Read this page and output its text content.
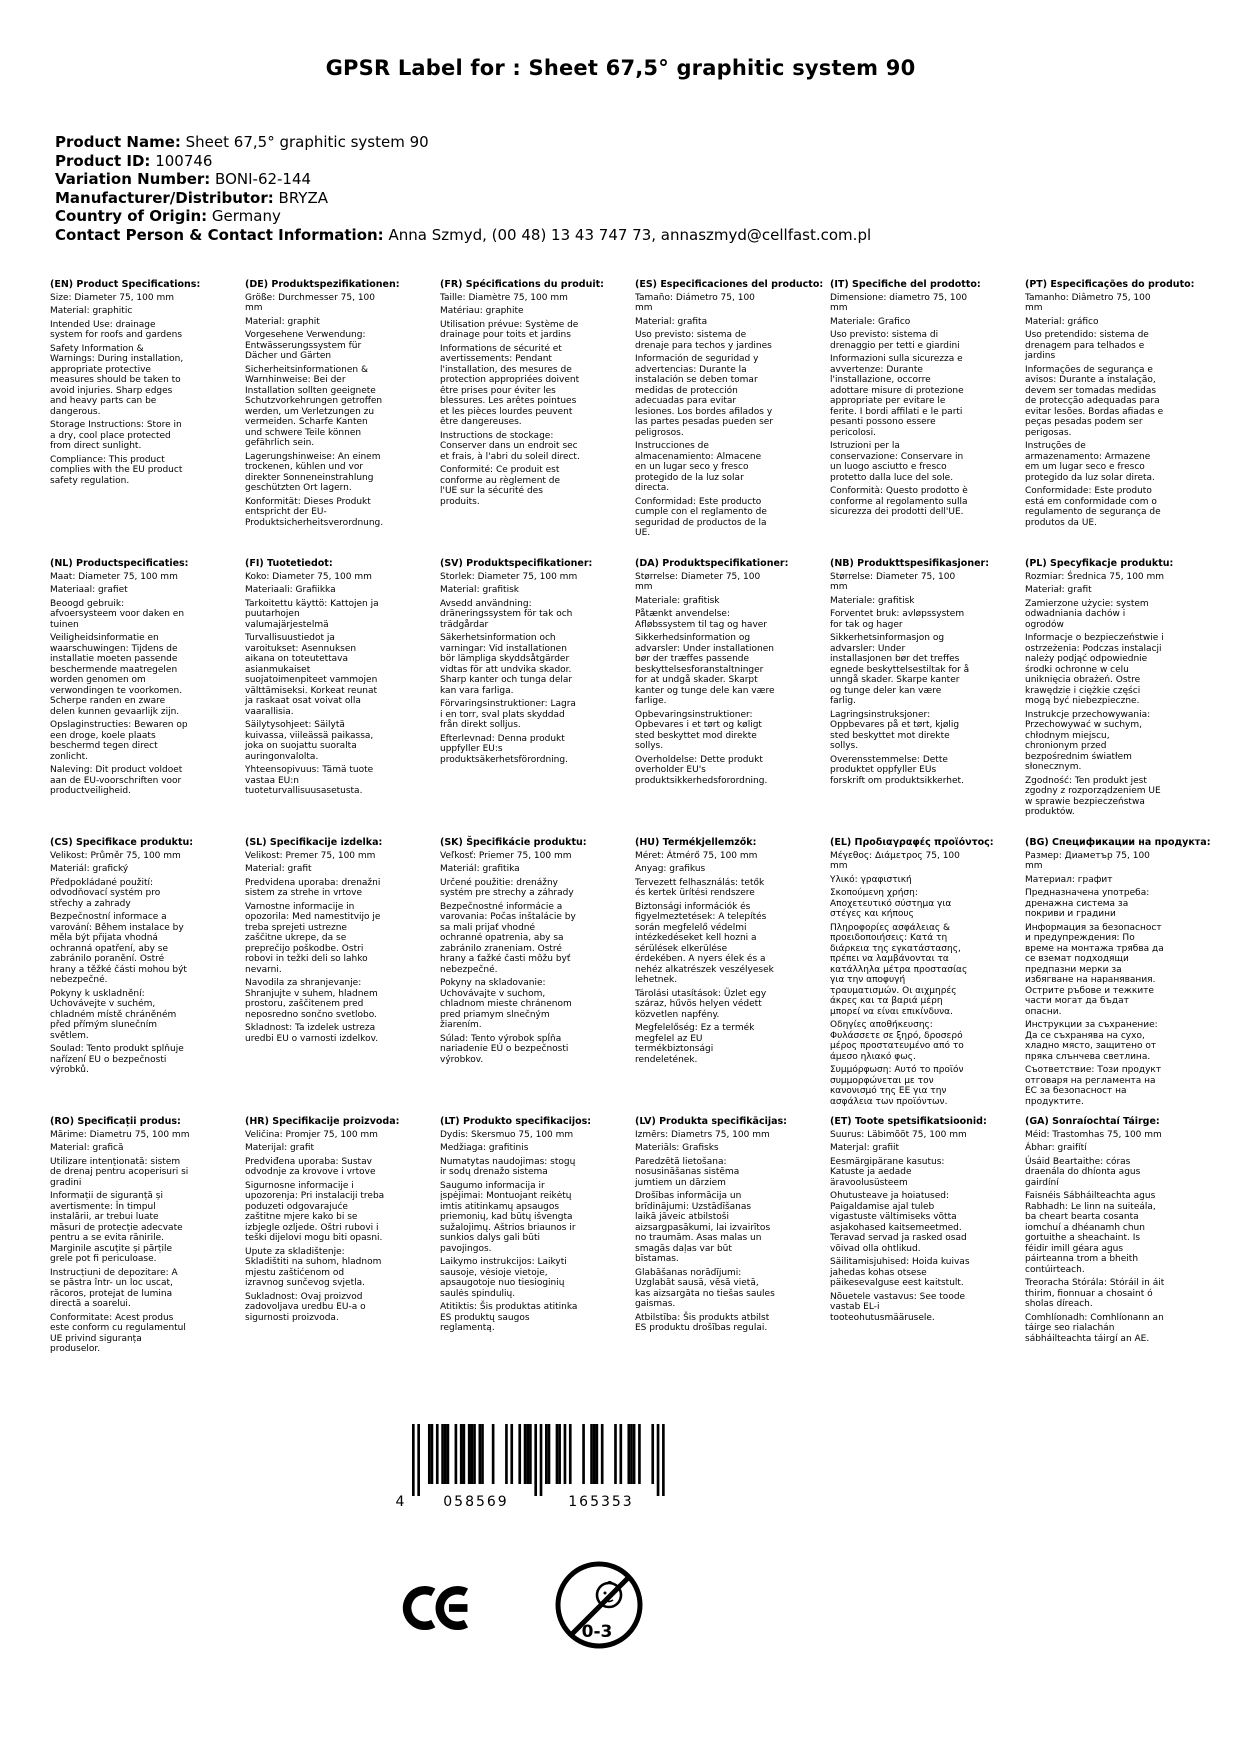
GPSR Label for : Sheet 67,5° graphitic system 90
Product Name: Sheet 67,5° graphitic system 90
Product ID: 100746
Variation Number: BONI-62-144
Manufacturer/Distributor: BRYZA
Country of Origin: Germany
Contact Person & Contact Information: Anna Szmyd, (00 48) 13 43 747 73, annaszmyd@cellfast.com.pl
(EN) Product Specifications:

Size: Diameter 75, 100 mm

Material: graphitic

Intended Use: drainage system for roofs and gardens

Safety Information & Warnings: During installation, appropriate protective measures should be taken to avoid injuries. Sharp edges and heavy parts can be dangerous.

Storage Instructions: Store in a dry, cool place protected from direct sunlight.

Compliance: This product complies with the EU product safety regulation.

(DE) Produktspezifikationen:

Größe: Durchmesser 75, 100 mm

Material: graphit

Vorgesehene Verwendung: Entwässerungssystem für Dächer und Gärten

Sicherheitsinformationen & Warnhinweise: Bei der Installation sollten geeignete Schutzvorkehrungen getroffen werden, um Verletzungen zu vermeiden. Scharfe Kanten und schwere Teile können gefährlich sein.

Lagerungshinweise: An einem trockenen, kühlen und vor direkter Sonneneinstrahlung geschützten Ort lagern.

Konformität: Dieses Produkt entspricht der EU-Produktsicherheitsverordnung.

(FR) Spécifications du produit:

Taille: Diamètre 75, 100 mm

Matériau: graphite

Utilisation prévue: Système de drainage pour toits et jardins

Informations de sécurité et avertissements: Pendant l'installation, des mesures de protection appropriées doivent être prises pour éviter les blessures. Les arêtes pointues et les pièces lourdes peuvent être dangereuses.

Instructions de stockage: Conserver dans un endroit sec et frais, à l'abri du soleil direct.

Conformité: Ce produit est conforme au règlement de l'UE sur la sécurité des produits.

(ES) Especificaciones del producto:

Tamaño: Diámetro 75, 100 mm

Material: grafita

Uso previsto: sistema de drenaje para techos y jardines

Información de seguridad y advertencias: Durante la instalación se deben tomar medidas de protección adecuadas para evitar lesiones. Los bordes afilados y las partes pesadas pueden ser peligrosos.

Instrucciones de almacenamiento: Almacene en un lugar seco y fresco protegido de la luz solar directa.

Conformidad: Este producto cumple con el reglamento de seguridad de productos de la UE.

(IT) Specifiche del prodotto:

Dimensione: diametro 75, 100 mm

Materiale: Grafico

Uso previsto: sistema di drenaggio per tetti e giardini

Informazioni sulla sicurezza e avvertenze: Durante l'installazione, occorre adottare misure di protezione appropriate per evitare le ferite. I bordi affilati e le parti pesanti possono essere pericolosi.

Istruzioni per la conservazione: Conservare in un luogo asciutto e fresco protetto dalla luce del sole.

Conformità: Questo prodotto è conforme al regolamento sulla sicurezza dei prodotti dell'UE.

(PT) Especificações do produto:

Tamanho: Diâmetro 75, 100 mm

Material: gráfico

Uso pretendido: sistema de drenagem para telhados e jardins

Informações de segurança e avisos: Durante a instalação, devem ser tomadas medidas de protecção adequadas para evitar lesões. Bordas afiadas e peças pesadas podem ser perigosas.

Instruções de armazenamento: Armazene em um lugar seco e fresco protegido da luz solar direta.

Conformidade: Este produto está em conformidade com o regulamento de segurança de produtos da UE.

(NL) Productspecificaties:

Maat: Diameter 75, 100 mm

Materiaal: grafiet

Beoogd gebruik: afvoersysteem voor daken en tuinen

Veiligheidsinformatie en waarschuwingen: Tijdens de installatie moeten passende beschermende maatregelen worden genomen om verwondingen te voorkomen. Scherpe randen en zware delen kunnen gevaarlijk zijn.

Opslaginstructies: Bewaren op een droge, koele plaats beschermd tegen direct zonlicht.

Naleving: Dit product voldoet aan de EU-voorschriften voor productveiligheid.

(FI) Tuotetiedot:

Koko: Diameter 75, 100 mm

Materiaali: Grafiikka

Tarkoitettu käyttö: Kattojen ja puutarhojen valumajärjestelmä

Turvallisuustiedot ja varoitukset: Asennuksen aikana on toteutettava asianmukaiset suojatoimenpiteet vammojen välttämiseksi. Korkeat reunat ja raskaat osat voivat olla vaarallisia.

Säilytysohjeet: Säilytä kuivassa, viileässä paikassa, joka on suojattu suoralta auringonvalolta.

Yhteensopivuus: Tämä tuote vastaa EU:n tuoteturvallisuusasetusta.

(SV) Produktspecifikationer:

Storlek: Diameter 75, 100 mm

Material: grafitisk

Avsedd användning: dräneringssystem för tak och trädgårdar

Säkerhetsinformation och varningar: Vid installationen bör lämpliga skyddsåtgärder vidtas för att undvika skador. Sharp kanter och tunga delar kan vara farliga.

Förvaringsinstruktioner: Lagra i en torr, sval plats skyddad från direkt solljus.

Efterlevnad: Denna produkt uppfyller EU:s produktsäkerhetsförordning.

(DA) Produktspecifikationer:

Størrelse: Diameter 75, 100 mm

Materiale: grafitisk

Påtænkt anvendelse: Afløbssystem til tag og haver

Sikkerhedsinformation og advarsler: Under installationen bør der træffes passende beskyttelsesforanstaltninger for at undgå skader. Skarpt kanter og tunge dele kan være farlige.

Opbevaringsinstruktioner: Opbevares i et tørt og køligt sted beskyttet mod direkte sollys.

Overholdelse: Dette produkt overholder EU's produktsikkerhedsforordning.

(NB) Produkttspesifikasjoner:

Størrelse: Diameter 75, 100 mm

Materiale: grafitisk

Forventet bruk: avløpssystem for tak og hager

Sikkerhetsinformasjon og advarsler: Under installasjonen bør det treffes egnede beskyttelsestiltak for å unngå skader. Skarpe kanter og tunge deler kan være farlig.

Lagringsinstruksjoner: Oppbevares på et tørt, kjølig sted beskyttet mot direkte sollys.

Overensstemmelse: Dette produktet oppfyller EUs forskrift om produktsikkerhet.

(PL) Specyfikacje produktu:

Rozmiar: Średnica 75, 100 mm

Materiał: grafit

Zamierzone użycie: system odwadniania dachów i ogrodów

Informacje o bezpieczeństwie i ostrzeżenia: Podczas instalacji należy podjąć odpowiednie środki ochronne w celu uniknięcia obrażeń. Ostre krawędzie i ciężkie części mogą być niebezpieczne.

Instrukcje przechowywania: Przechowywać w suchym, chłodnym miejscu, chronionym przed bezpośrednim światłem słonecznym.

Zgodność: Ten produkt jest zgodny z rozporządzeniem UE w sprawie bezpieczeństwa produktów.

(CS) Specifikace produktu:

Velikost: Průměr 75, 100 mm

Materiál: grafický

Předpokládané použití: odvodňovací systém pro střechy a zahrady

Bezpečnostní informace a varování: Během instalace by měla být přijata vhodná ochranná opatření, aby se zabránilo poranění. Ostré hrany a těžké části mohou být nebezpečné.

Pokyny k uskladnění: Uchovávejte v suchém, chladném místě chráněném před přímým slunečním světlem.

Soulad: Tento produkt splňuje nařízení EU o bezpečnosti výrobků.

(SL) Specifikacije izdelka:

Velikost: Premer 75, 100 mm

Material: grafit

Predvidena uporaba: drenažni sistem za strehe in vrtove

Varnostne informacije in opozorila: Med namestitvijo je treba sprejeti ustrezne zaščitne ukrepe, da se preprečijo poškodbe. Ostri robovi in težki deli so lahko nevarni.

Navodila za shranjevanje: Shranjujte v suhem, hladnem prostoru, zaščitenem pred neposredno sončno svetlobo.

Skladnost: Ta izdelek ustreza uredbi EU o varnosti izdelkov.

(SK) Špecifikácie produktu:

Veľkosť: Priemer 75, 100 mm

Materiál: grafitika

Určené použitie: drenážny systém pre strechy a záhrady

Bezpečnostné informácie a varovania: Počas inštalácie by sa mali prijať vhodné ochranné opatrenia, aby sa zabránilo zraneniam. Ostré hrany a ťažké časti môžu byť nebezpečné.

Pokyny na skladovanie: Uchovávajte v suchom, chladnom mieste chránenom pred priamym slnečným žiarením.

Súlad: Tento výrobok spĺňa nariadenie EÚ o bezpečnosti výrobkov.

(HU) Termékjellemzők:

Méret: Átmérő 75, 100 mm

Anyag: grafikus

Tervezett felhasználás: tetők és kertek ürítési rendszere

Biztonsági információk és figyelmeztetések: A telepítés során megfelelő védelmi intézkedéseket kell hozni a sérülések elkerülése érdekében. A nyers élek és a nehéz alkatrészek veszélyesek lehetnek.

Tárolási utasítások: Üzlet egy száraz, hűvös helyen védett közvetlen napfény.

Megfelelőség: Ez a termék megfelel az EU termékbiztonsági rendeletének.

(EL) Προδιαγραφές προϊόντος:

Μέγεθος: Διάμετρος 75, 100 mm

Υλικό: γραφιστική

Σκοπούμενη χρήση: Αποχετευτικό σύστημα για στέγες και κήπους

Πληροφορίες ασφάλειας & προειδοποιήσεις: Κατά τη διάρκεια της εγκατάστασης, πρέπει να λαμβάνονται τα κατάλληλα μέτρα προστασίας για την αποφυγή τραυματισμών. Οι αιχμηρές άκρες και τα βαριά μέρη μπορεί να είναι επικίνδυνα.

Οδηγίες αποθήκευσης: Φυλάσσετε σε ξηρό, δροσερό μέρος προστατευμένο από το άμεσο ηλιακό φως.

Συμμόρφωση: Αυτό το προϊόν συμμορφώνεται με τον κανονισμό της ΕΕ για την ασφάλεια των προϊόντων.

(BG) Спецификации на продукта:

Размер: Диаметър 75, 100 mm

Материал: графит

Предназначена употреба: дренажна система за покриви и градини

Информация за безопасност и предупреждения: По време на монтажа трябва да се вземат подходящи предпазни мерки за избягване на наранявания. Острите ръбове и тежките части могат да бъдат опасни.

Инструкции за съхранение: Да се съхранява на сухо, хладно място, защитено от пряка слънчева светлина.

Съответствие: Този продукт отговаря на регламента на ЕС за безопасност на продуктите.

(RO) Specificații produs:

Mărime: Diametru 75, 100 mm

Material: grafică

Utilizare intenționată: sistem de drenaj pentru acoperisuri si gradini

Informații de siguranță și avertismente: În timpul instalării, ar trebui luate măsuri de protecție adecvate pentru a se evita rănirile. Marginile ascuțite și părțile grele pot fi periculoase.

Instrucțiuni de depozitare: A se păstra într- un loc uscat, răcoros, protejat de lumina directă a soarelui.

Conformitate: Acest produs este conform cu regulamentul UE privind siguranța produselor.

(HR) Specifikacije proizvoda:

Veličina: Promjer 75, 100 mm

Materijal: grafit

Predviđena uporaba: Sustav odvodnje za krovove i vrtove

Sigurnosne informacije i upozorenja: Pri instalaciji treba poduzeti odgovarajuće zaštitne mjere kako bi se izbjegle ozljede. Oštri rubovi i teški dijelovi mogu biti opasni.

Upute za skladištenje: Skladištiti na suhom, hladnom mjestu zaštićenom od izravnog sunčevog svjetla.

Sukladnost: Ovaj proizvod zadovoljava uredbu EU-a o sigurnosti proizvoda.

(LT) Produkto specifikacijos:

Dydis: Skersmuo 75, 100 mm

Medžiaga: grafitinis

Numatytas naudojimas: stogų ir sodų drenažo sistema

Saugumo informacija ir įspėjimai: Montuojant reikėtų imtis atitinkamų apsaugos priemonių, kad būtų išvengta sužalojimų. Aštrios briaunos ir sunkios dalys gali būti pavojingos.

Laikymo instrukcijos: Laikyti sausoje, vėsioje vietoje, apsaugotoje nuo tiesioginių saulės spindulių.

Atitiktis: Šis produktas atitinka ES produktų saugos reglamentą.

(LV) Produkta specifikācijas:

Izmērs: Diametrs 75, 100 mm

Materiāls: Grafisks

Paredzētā lietošana: nosusināšanas sistēma jumtiem un dārziem

Drošības informācija un brīdinājumi: Uzstādīšanas laikā jāveic atbilstoši aizsargpasākumi, lai izvairītos no traumām. Asas malas un smagās daļas var būt bīstamas.

Glabāšanas norādījumi: Uzglabāt sausā, vēsā vietā, kas aizsargāta no tiešas saules gaismas.

Atbilstība: Šis produkts atbilst ES produktu drošības regulai.

(ET) Toote spetsifikatsioonid:

Suurus: Läbimõõt 75, 100 mm

Materjal: grafiit

Eesmärgipärane kasutus: Katuste ja aedade äravoolusüsteem

Ohutusteave ja hoiatused: Paigaldamise ajal tuleb vigastuste vältimiseks võtta asjakohased kaitsemeetmed. Teravad servad ja rasked osad võivad olla ohtlikud.

Säilitamisjuhised: Hoida kuivas jahedas kohas otsese päikesevalguse eest kaitstult.

Nõuetele vastavus: See toode vastab EL-i tooteohutusmäärusele.

(GA) Sonraíochtaí Táirge:

Méid: Trastomhas 75, 100 mm

Ábhar: graifítí

Úsáid Beartaithe: córas draenála do dhíonta agus gairdíní

Faisnéis Sábháilteachta agus Rabhadh: Le linn na suiteála, ba cheart bearta cosanta iomchuí a dhéanamh chun gortuithe a sheachaint. Is féidir imill géara agus páirteanna trom a bheith contúirteach.

Treoracha Stórála: Stóráil in áit thirim, fionnuar a chosaint ó sholas díreach.

Comhlíonadh: Comhlíonann an táirge seo rialachán sábháilteachta táirgí an AE.

4	058569	165353
0-3
